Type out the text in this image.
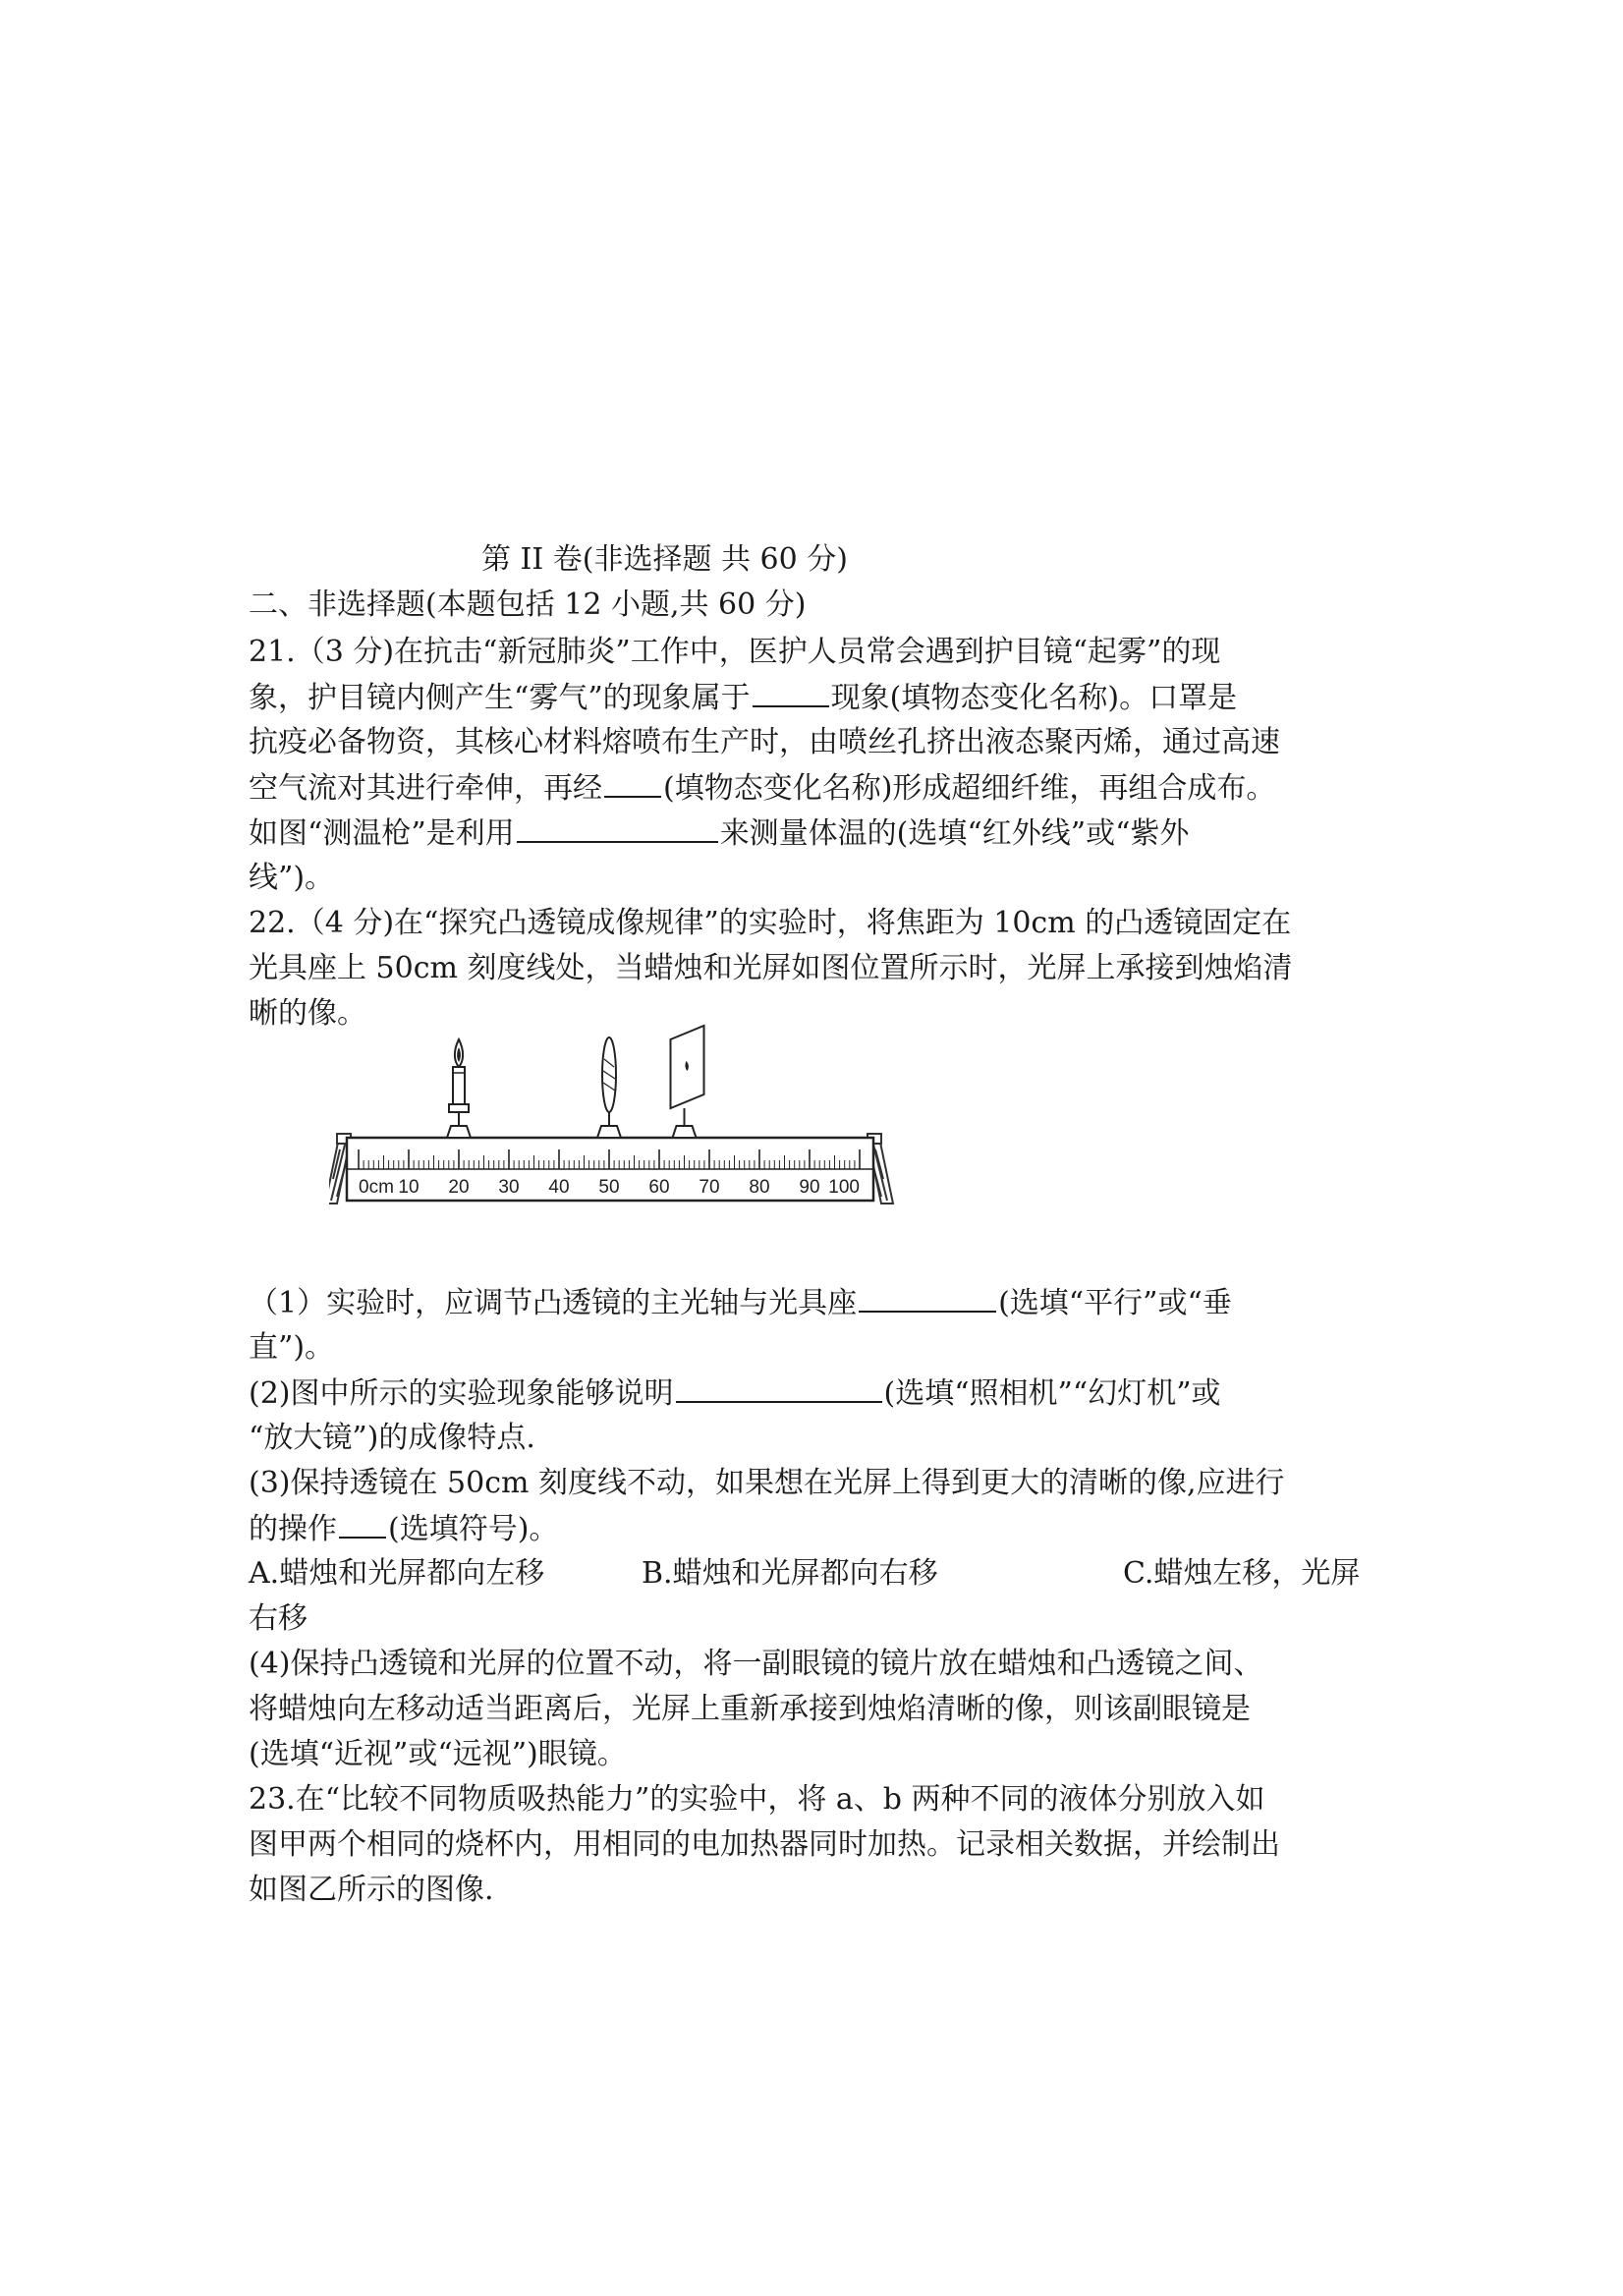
第 II 卷(非选择题 共 60 分)
二、非选择题(本题包括 12 小题,共 60 分)
21.（3 分)在抗击“新冠肺炎”工作中，医护人员常会遇到护目镜“起雾”的现
象，护目镜内侧产生“雾气”的现象属于	现象(填物态变化名称)。口罩是
抗疫必备物资，其核心材料熔喷布生产时，由喷丝孔挤出液态聚丙烯，通过高速
空气流对其进行牵伸，再经 (填物态变化名称)形成超细纤维，再组合成布。
如图“测温枪”是利用	来测量体温的(选填“红外线”或“紫外
线”)。
22.（4 分)在“探究凸透镜成像规律”的实验时，将焦距为 10cm 的凸透镜固定在
光具座上 50cm 刻度线处，当蜡烛和光屏如图位置所示时，光屏上承接到烛焰清
晰的像。
0cm 10 20 30 40 50 60 70 80 90 100
（1）实验时，应调节凸透镜的主光轴与光具座	(选填“平行”或“垂
直”)。
(2)图中所示的实验现象能够说明	(选填“照相机”“幻灯机”或
“放大镜”)的成像特点.
(3)保持透镜在 50cm 刻度线不动，如果想在光屏上得到更大的清晰的像,应进行
的操作 (选填符号)。
A.蜡烛和光屏都向左移	B.蜡烛和光屏都向右移	C.蜡烛左移，光屏
右移
(4)保持凸透镜和光屏的位置不动，将一副眼镜的镜片放在蜡烛和凸透镜之间、
将蜡烛向左移动适当距离后，光屏上重新承接到烛焰清晰的像，则该副眼镜是
(选填“近视”或“远视”)眼镜。
23.在“比较不同物质吸热能力”的实验中，将 a、b 两种不同的液体分别放入如
图甲两个相同的烧杯内，用相同的电加热器同时加热。记录相关数据，并绘制出
如图乙所示的图像.
